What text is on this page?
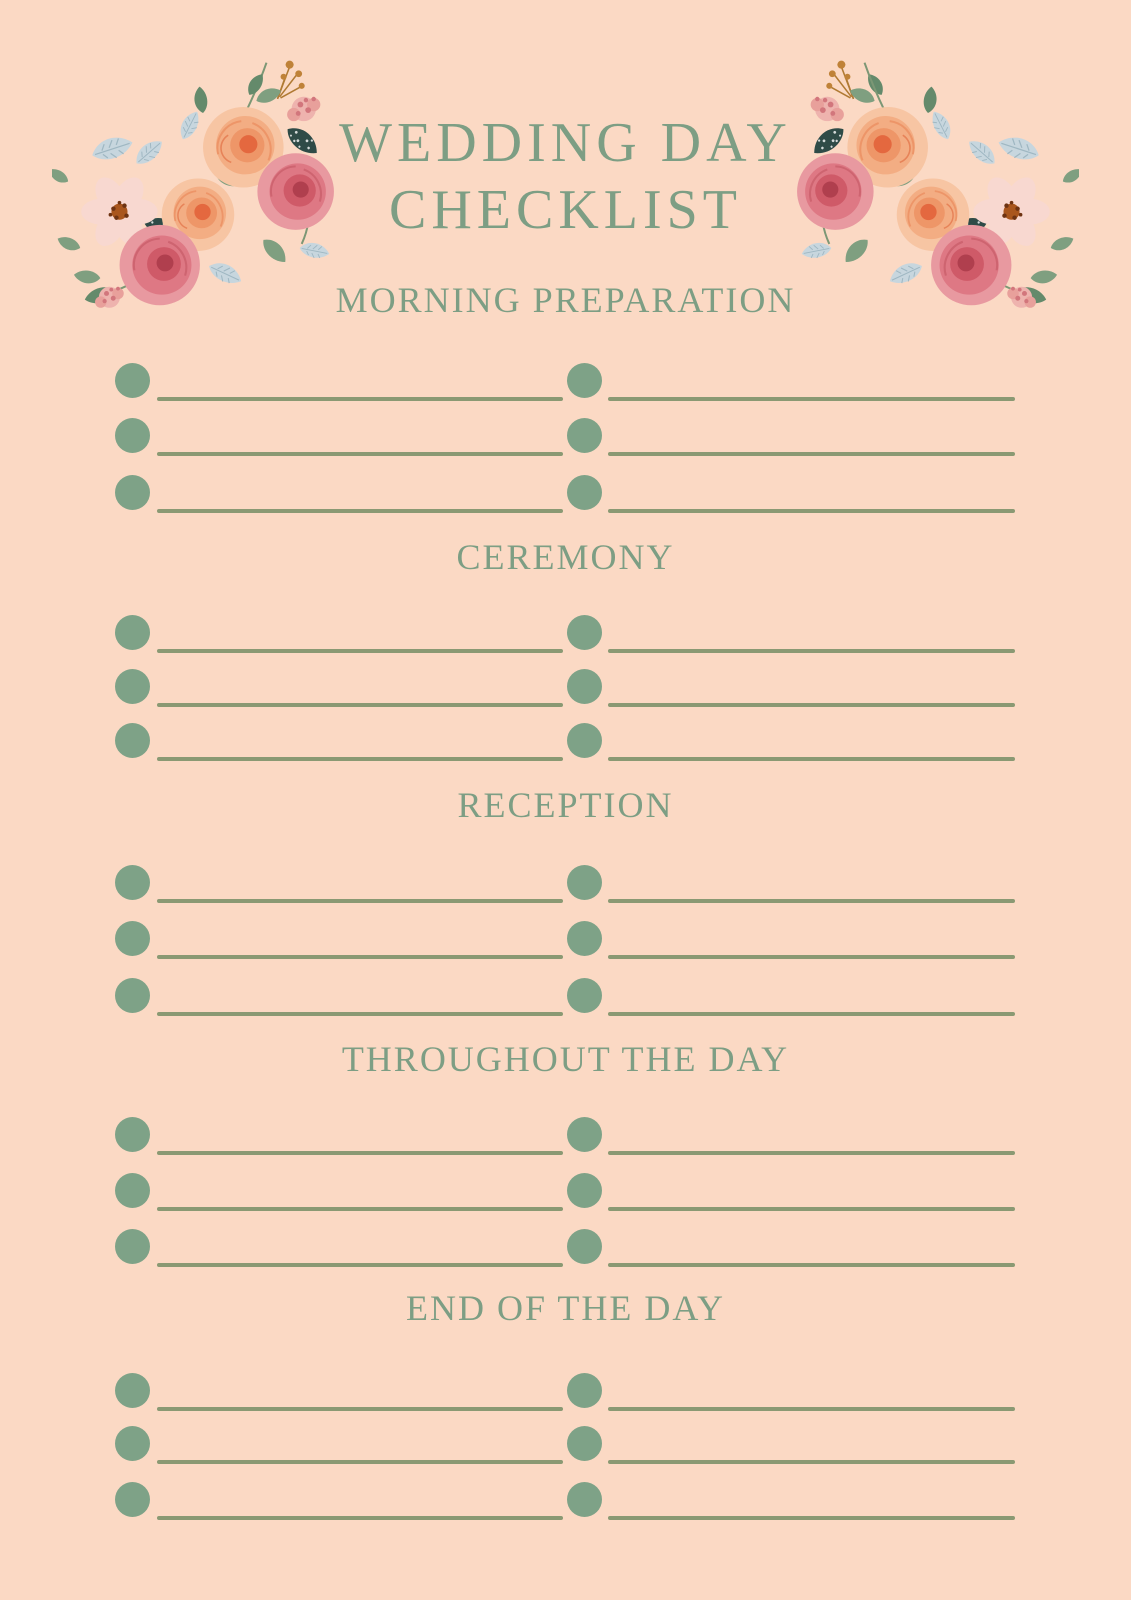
WEDDING DAY
CHECKLIST
MORNING PREPARATION
CEREMONY
RECEPTION
THROUGHOUT THE DAY
END OF THE DAY
